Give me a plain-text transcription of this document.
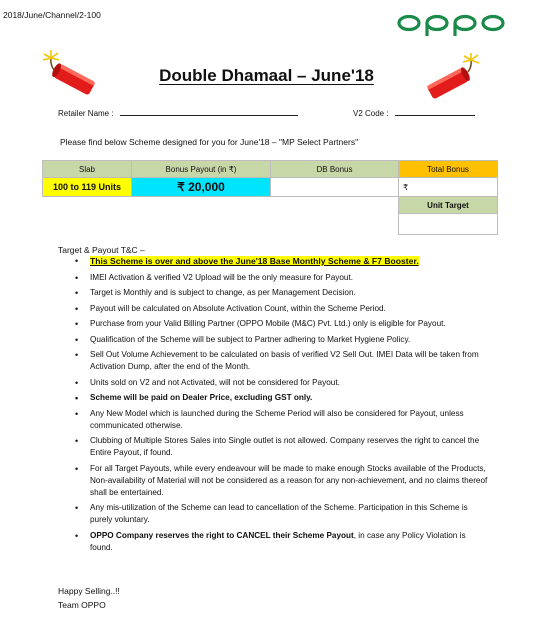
2018/June/Channel/2-100
Double Dhamaal – June'18
Retailer Name :	V2 Code :
Please find below Scheme designed for you for June'18 – "MP Select Partners"
Slab	Bonus Payout (in ₹)	DB Bonus	Total Bonus
100 to 119 Units	₹ 20,000		₹
			Unit Target

Target & Payout T&C –
• This Scheme is over and above the June'18 Base Monthly Scheme & F7 Booster.
• IMEI Activation & verified V2 Upload will be the only measure for Payout.
• Target is Monthly and is subject to change, as per Management Decision.
• Payout will be calculated on Absolute Activation Count, within the Scheme Period.
• Purchase from your Valid Billing Partner (OPPO Mobile (M&C) Pvt. Ltd.) only is eligible for Payout.
• Qualification of the Scheme will be subject to Partner adhering to Market Hygiene Policy.
• Sell Out Volume Achievement to be calculated on basis of verified V2 Sell Out. IMEI Data will be taken from Activation Dump, after the end of the Month.
• Units sold on V2 and not Activated, will not be considered for Payout.
• Scheme will be paid on Dealer Price, excluding GST only.
• Any New Model which is launched during the Scheme Period will also be considered for Payout, unless communicated otherwise.
• Clubbing of Multiple Stores Sales into Single outlet is not allowed. Company reserves the right to cancel the Entire Payout, if found.
• For all Target Payouts, while every endeavour will be made to make enough Stocks available of the Products, Non-availability of Material will not be considered as a reason for any non-achievement, and no claims thereof shall be entertained.
• Any mis-utilization of the Scheme can lead to cancellation of the Scheme. Participation in this Scheme is purely voluntary.
• OPPO Company reserves the right to CANCEL their Scheme Payout, in case any Policy Violation is found.
Happy Selling..!!
Team OPPO
